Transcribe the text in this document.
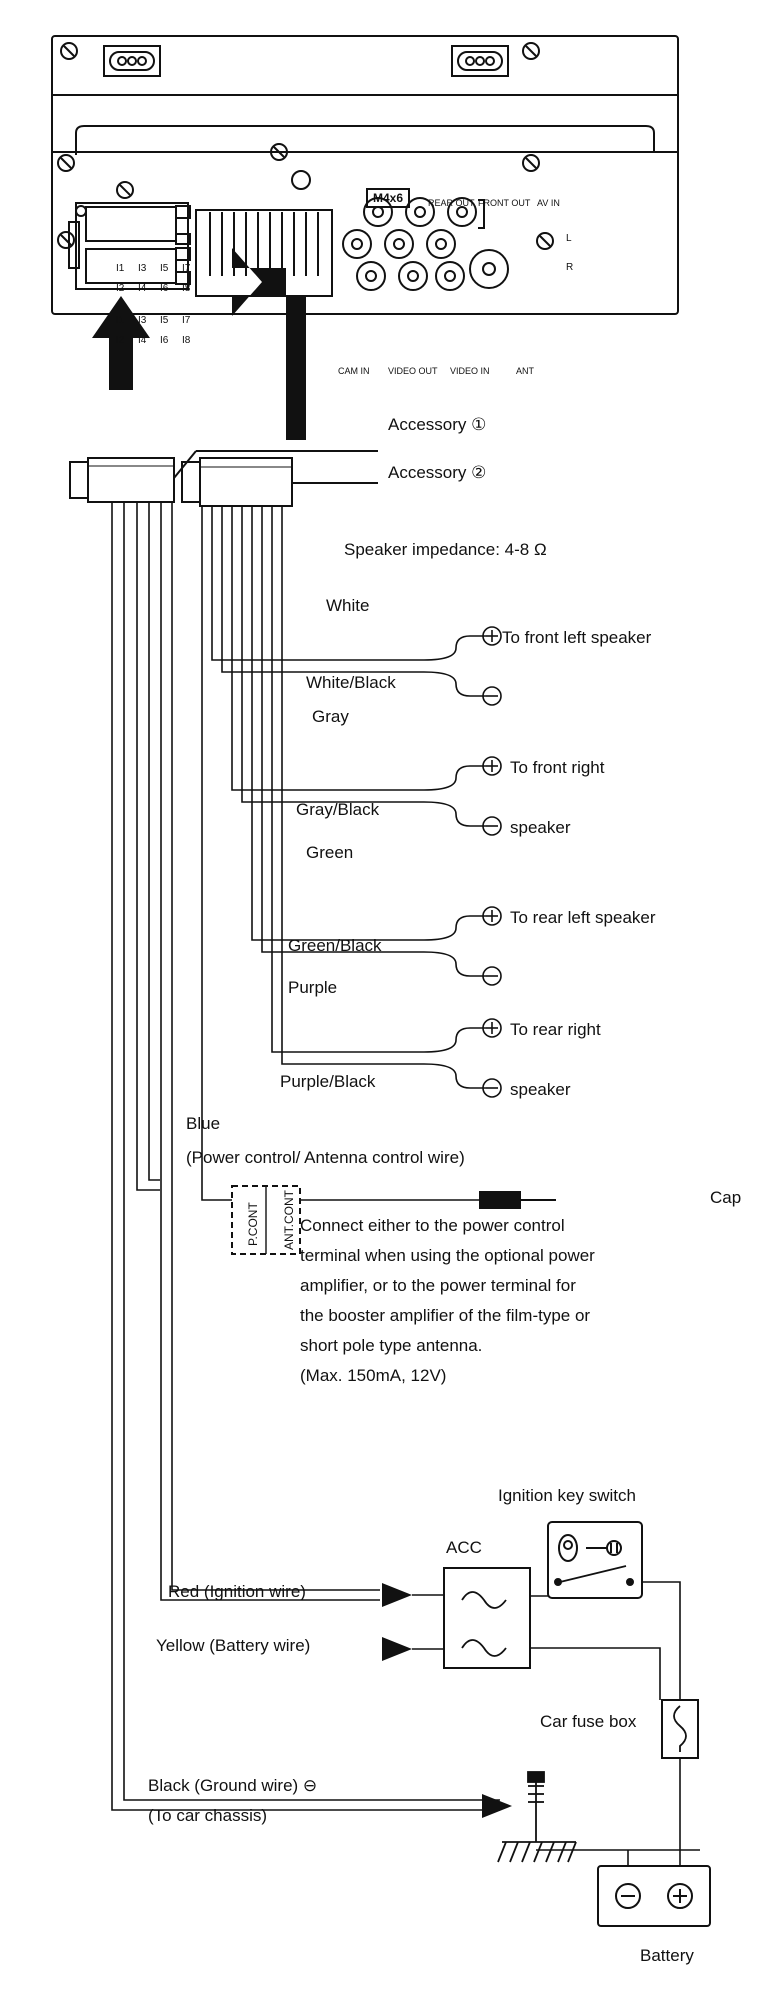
M4x6	REAR OUT FRONT OUT AV IN
L
R
CAM IN VIDEO OUT VIDEO IN	ANT
I1 I3 I5 I7
I2 I4 I6 I8
I1 I3 I5 I7
I2 I4 I6 I8
Accessory ①
Accessory ②
Speaker impedance: 4-8 Ω
White
White/Black
To front left speaker
Gray
Gray/Black
To front right
speaker
Green
Green/Black
To rear left speaker
Purple
Purple/Black
To rear right
speaker
Blue
(Power control/ Antenna control wire)
Cap
P.CONT ANT.CONT Connect either to the power control
terminal when using the optional power
amplifier, or to the power terminal for
the booster amplifier of the film-type or
short pole type antenna.
(Max. 150mA, 12V)
Ignition key switch
ACC
Red (Ignition wire)
Yellow (Battery wire)
Car fuse box
Black (Ground wire) ⊖
(To car chassis)
Battery
